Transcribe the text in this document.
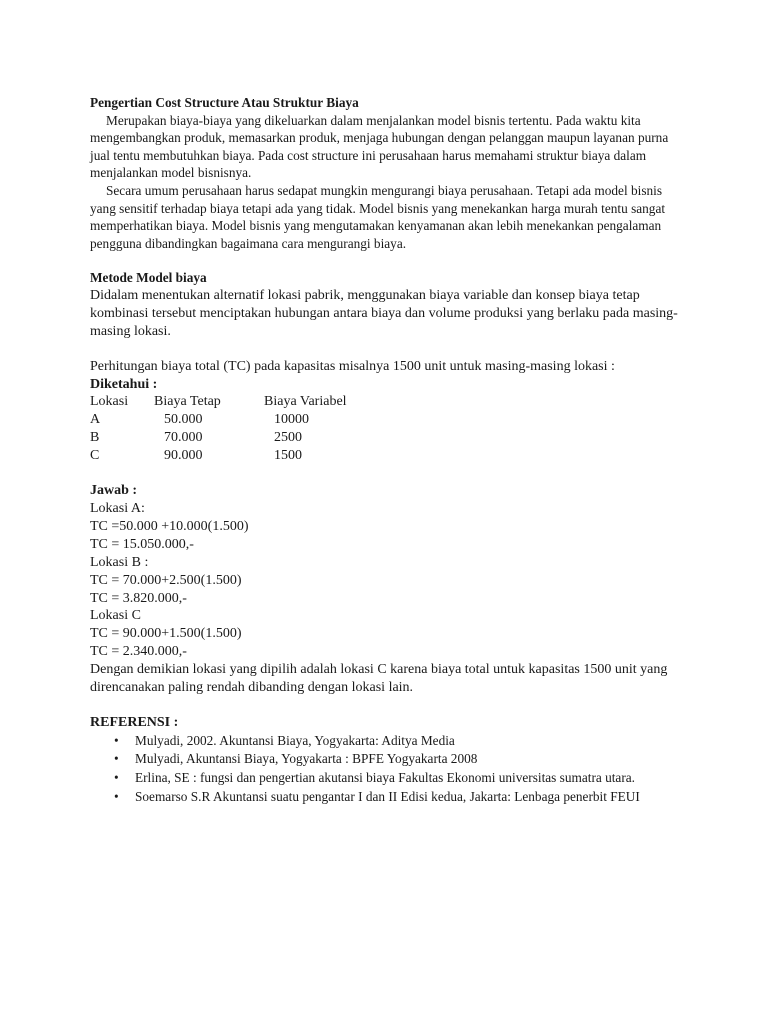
Pengertian Cost Structure Atau Struktur Biaya

Merupakan biaya-biaya yang dikeluarkan dalam menjalankan model bisnis tertentu. Pada waktu kita mengembangkan produk, memasarkan produk, menjaga hubungan dengan pelanggan maupun layanan purna jual tentu membutuhkan biaya. Pada cost structure ini perusahaan harus memahami struktur biaya dalam menjalankan model bisnisnya.

Secara umum perusahaan harus sedapat mungkin mengurangi biaya perusahaan. Tetapi ada model bisnis yang sensitif terhadap biaya tetapi ada yang tidak. Model bisnis yang menekankan harga murah tentu sangat memperhatikan biaya. Model bisnis yang mengutamakan kenyamanan akan lebih menekankan pengalaman pengguna dibandingkan bagaimana cara mengurangi biaya.

Metode Model biaya

Didalam menentukan alternatif lokasi pabrik, menggunakan biaya variable dan konsep biaya tetap kombinasi tersebut menciptakan hubungan antara biaya dan volume produksi yang berlaku pada masing-masing lokasi.

Perhitungan biaya total (TC) pada kapasitas misalnya 1500 unit untuk masing-masing lokasi :

Diketahui :

Lokasi	Biaya Tetap	Biaya Variabel
A	50.000	10000
B	70.000	2500
C	90.000	1500

Jawab :

Lokasi A:

TC =50.000 +10.000(1.500)

TC = 15.050.000,-

Lokasi B :

TC = 70.000+2.500(1.500)

TC = 3.820.000,-

Lokasi C

TC = 90.000+1.500(1.500)

TC = 2.340.000,-

Dengan demikian lokasi yang dipilih adalah lokasi C karena biaya total untuk kapasitas 1500 unit yang direncanakan paling rendah dibanding dengan lokasi lain.

REFERENSI :

• Mulyadi, 2002. Akuntansi Biaya, Yogyakarta: Aditya Media
• Mulyadi, Akuntansi Biaya, Yogyakarta : BPFE Yogyakarta 2008
• Erlina, SE : fungsi dan pengertian akutansi biaya Fakultas Ekonomi universitas sumatra utara.
• Soemarso S.R Akuntansi suatu pengantar I dan II Edisi kedua, Jakarta: Lenbaga penerbit FEUI
